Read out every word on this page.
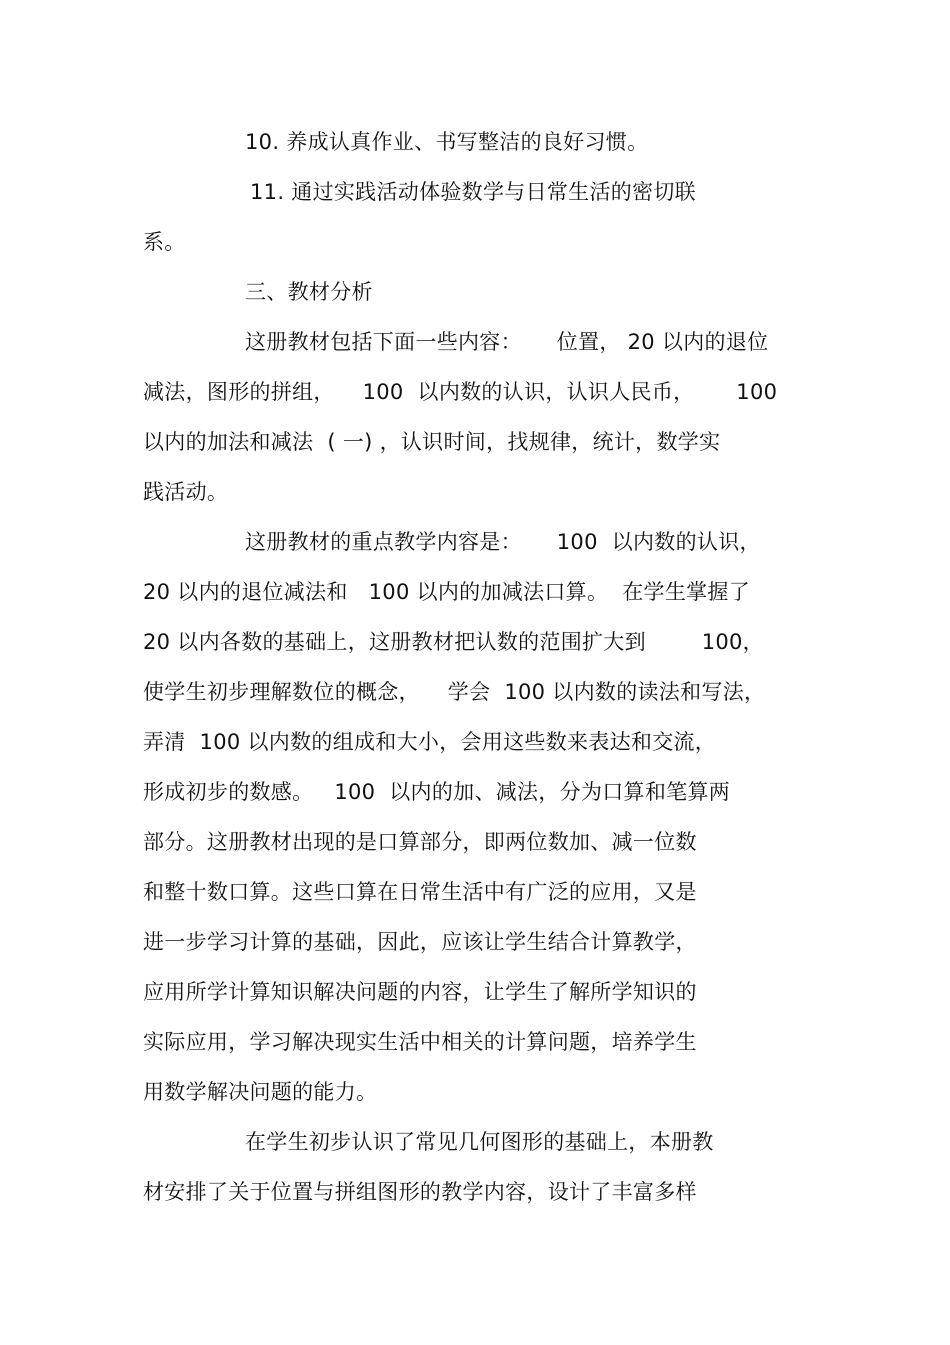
10. 养成认真作业、书写整洁的良好习惯。
11. 通过实践活动体验数学与日常生活的密切联
系。
三、教材分析
这册教材包括下面一些内容：     位置， 20 以内的退位
减法，图形的拼组，    100  以内数的认识，认识人民币，      100
以内的加法和减法  ( 一) ，认识时间，找规律，统计，数学实
践活动。
这册教材的重点教学内容是：     100  以内数的认识，
20 以内的退位减法和   100 以内的加减法口算。  在学生掌握了
20 以内各数的基础上，这册教材把认数的范围扩大到        100，
使学生初步理解数位的概念，    学会  100 以内数的读法和写法，
弄清  100 以内数的组成和大小，会用这些数来表达和交流，
形成初步的数感。   100  以内的加、减法，分为口算和笔算两
部分。这册教材出现的是口算部分，即两位数加、减一位数
和整十数口算。这些口算在日常生活中有广泛的应用，又是
进一步学习计算的基础，因此，应该让学生结合计算教学，
应用所学计算知识解决问题的内容，让学生了解所学知识的
实际应用，学习解决现实生活中相关的计算问题，培养学生
用数学解决问题的能力。
在学生初步认识了常见几何图形的基础上，本册教
材安排了关于位置与拼组图形的教学内容，设计了丰富多样
